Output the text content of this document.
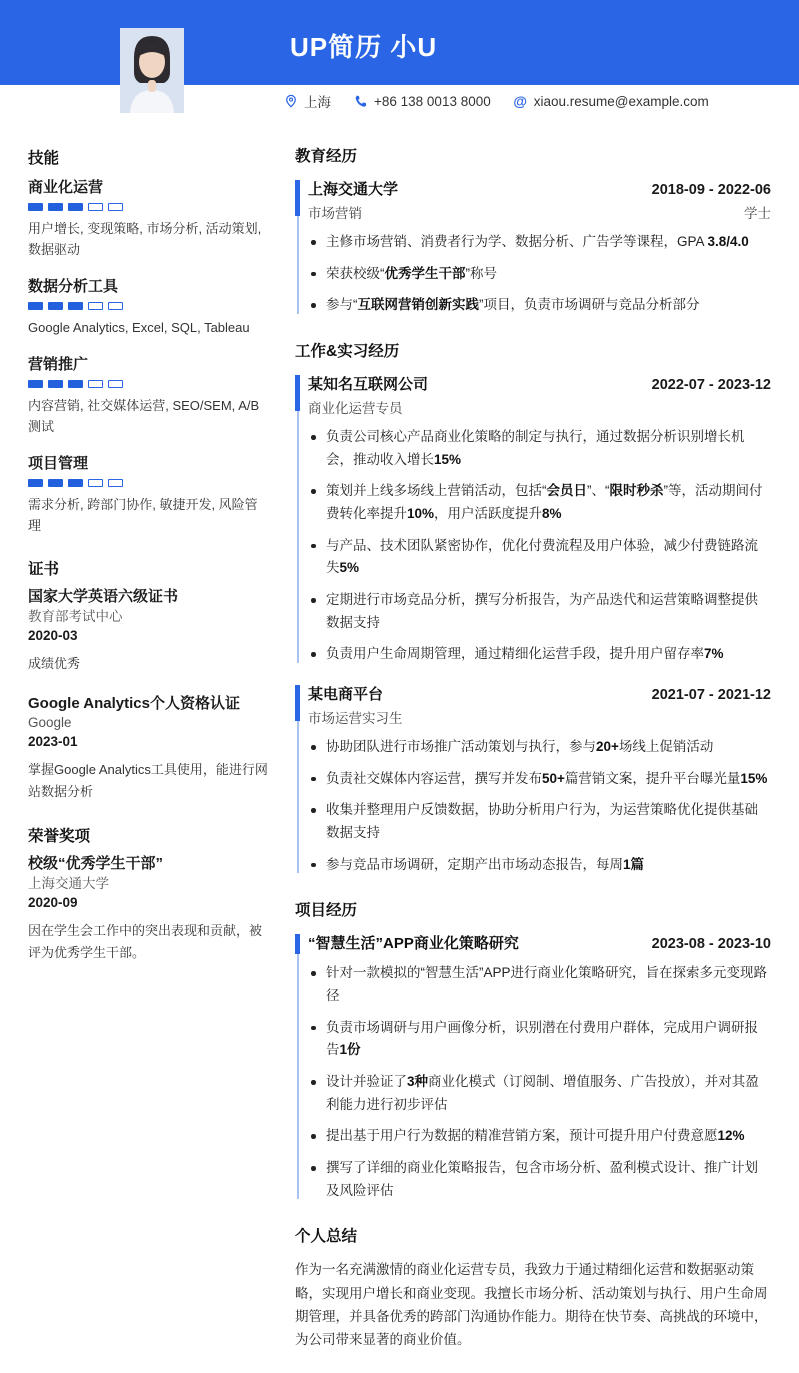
UP简历 小U
上海	+86 138 0013 8000 @ xiaou.resume@example.com
技能
商业化运营
用户增长, 变现策略, 市场分析, 活动策划, 数据驱动
数据分析工具
Google Analytics, Excel, SQL, Tableau
营销推广
内容营销, 社交媒体运营, SEO/SEM, A/B测试
项目管理
需求分析, 跨部门协作, 敏捷开发, 风险管理
证书
国家大学英语六级证书
教育部考试中心
2020-03
成绩优秀
Google Analytics个人资格认证
Google
2023-01
掌握Google Analytics工具使用，能进行网站数据分析
荣誉奖项
校级“优秀学生干部”
上海交通大学
2020-09
因在学生会工作中的突出表现和贡献，被评为优秀学生干部。
教育经历
上海交通大学	2018-09 - 2022-06
市场营销	学士
主修市场营销、消费者行为学、数据分析、广告学等课程，GPA 3.8/4.0
荣获校级“优秀学生干部”称号
参与“互联网营销创新实践”项目，负责市场调研与竞品分析部分
工作&实习经历
某知名互联网公司	2022-07 - 2023-12
商业化运营专员
负责公司核心产品商业化策略的制定与执行，通过数据分析识别增长机会，推动收入增长15%
策划并上线多场线上营销活动，包括“会员日”、“限时秒杀”等，活动期间付费转化率提升10%，用户活跃度提升8%
与产品、技术团队紧密协作，优化付费流程及用户体验，减少付费链路流失5%
定期进行市场竞品分析，撰写分析报告，为产品迭代和运营策略调整提供数据支持
负责用户生命周期管理，通过精细化运营手段，提升用户留存率7%
某电商平台	2021-07 - 2021-12
市场运营实习生
协助团队进行市场推广活动策划与执行，参与20+场线上促销活动
负责社交媒体内容运营，撰写并发布50+篇营销文案，提升平台曝光量15%
收集并整理用户反馈数据，协助分析用户行为，为运营策略优化提供基础数据支持
参与竞品市场调研，定期产出市场动态报告，每周1篇
项目经历
“智慧生活”APP商业化策略研究	2023-08 - 2023-10
针对一款模拟的“智慧生活”APP进行商业化策略研究，旨在探索多元变现路径
负责市场调研与用户画像分析，识别潜在付费用户群体，完成用户调研报告1份
设计并验证了3种商业化模式（订阅制、增值服务、广告投放），并对其盈利能力进行初步评估
提出基于用户行为数据的精准营销方案，预计可提升用户付费意愿12%
撰写了详细的商业化策略报告，包含市场分析、盈利模式设计、推广计划及风险评估
个人总结
作为一名充满激情的商业化运营专员，我致力于通过精细化运营和数据驱动策略，实现用户增长和商业变现。我擅长市场分析、活动策划与执行、用户生命周期管理，并具备优秀的跨部门沟通协作能力。期待在快节奏、高挑战的环境中，为公司带来显著的商业价值。
